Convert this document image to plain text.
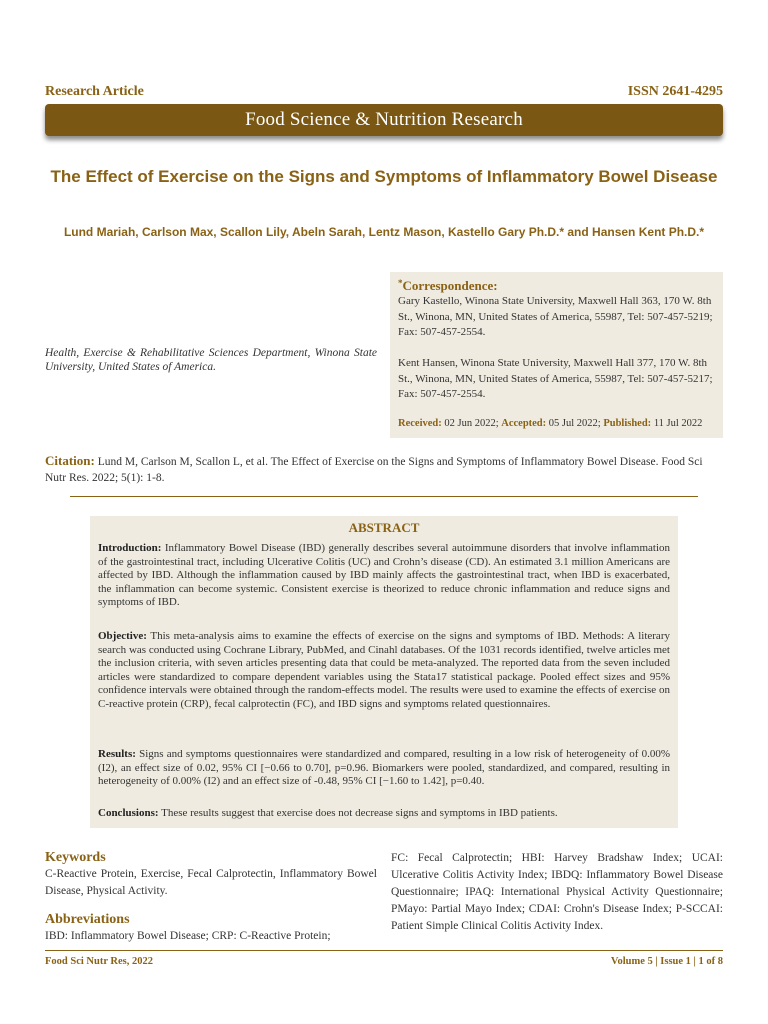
Research Article	ISSN 2641-4295
Food Science & Nutrition Research
The Effect of Exercise on the Signs and Symptoms of Inflammatory Bowel Disease
Lund Mariah, Carlson Max, Scallon Lily, Abeln Sarah, Lentz Mason, Kastello Gary Ph.D.* and Hansen Kent Ph.D.*
Health, Exercise & Rehabilitative Sciences Department, Winona State University, United States of America.
*Correspondence:

Gary Kastello, Winona State University, Maxwell Hall 363, 170 W. 8th St., Winona, MN, United States of America, 55987, Tel: 507-457-5219; Fax: 507-457-2554.

Kent Hansen, Winona State University, Maxwell Hall 377, 170 W. 8th St., Winona, MN, United States of America, 55987, Tel: 507-457-5217; Fax: 507-457-2554.

Received: 02 Jun 2022; Accepted: 05 Jul 2022; Published: 11 Jul 2022
Citation: Lund M, Carlson M, Scallon L, et al. The Effect of Exercise on the Signs and Symptoms of Inflammatory Bowel Disease. Food Sci Nutr Res. 2022; 5(1): 1-8.
ABSTRACT

Introduction: Inflammatory Bowel Disease (IBD) generally describes several autoimmune disorders that involve inflammation of the gastrointestinal tract, including Ulcerative Colitis (UC) and Crohn’s disease (CD). An estimated 3.1 million Americans are affected by IBD. Although the inflammation caused by IBD mainly affects the gastrointestinal tract, when IBD is exacerbated, the inflammation can become systemic. Consistent exercise is theorized to reduce chronic inflammation and reduce signs and symptoms of IBD.

Objective: This meta-analysis aims to examine the effects of exercise on the signs and symptoms of IBD. Methods: A literary search was conducted using Cochrane Library, PubMed, and Cinahl databases. Of the 1031 records identified, twelve articles met the inclusion criteria, with seven articles presenting data that could be meta-analyzed. The reported data from the seven included articles were standardized to compare dependent variables using the Stata17 statistical package. Pooled effect sizes and 95% confidence intervals were obtained through the random-effects model. The results were used to examine the effects of exercise on C-reactive protein (CRP), fecal calprotectin (FC), and IBD signs and symptoms related questionnaires.

Results: Signs and symptoms questionnaires were standardized and compared, resulting in a low risk of heterogeneity of 0.00% (I2), an effect size of 0.02, 95% CI [−0.66 to 0.70], p=0.96. Biomarkers were pooled, standardized, and compared, resulting in heterogeneity of 0.00% (I2) and an effect size of -0.48, 95% CI [−1.60 to 1.42], p=0.40.

Conclusions: These results suggest that exercise does not decrease signs and symptoms in IBD patients.

Keywords

C-Reactive Protein, Exercise, Fecal Calprotectin, Inflammatory Bowel Disease, Physical Activity.

Abbreviations

IBD: Inflammatory Bowel Disease; CRP: C-Reactive Protein;

FC: Fecal Calprotectin; HBI: Harvey Bradshaw Index; UCAI: Ulcerative Colitis Activity Index; IBDQ: Inflammatory Bowel Disease Questionnaire; IPAQ: International Physical Activity Questionnaire; PMayo: Partial Mayo Index; CDAI: Crohn's Disease Index; P-SCCAI: Patient Simple Clinical Colitis Activity Index.

Food Sci Nutr Res, 2022	Volume 5 | Issue 1 | 1 of 8
